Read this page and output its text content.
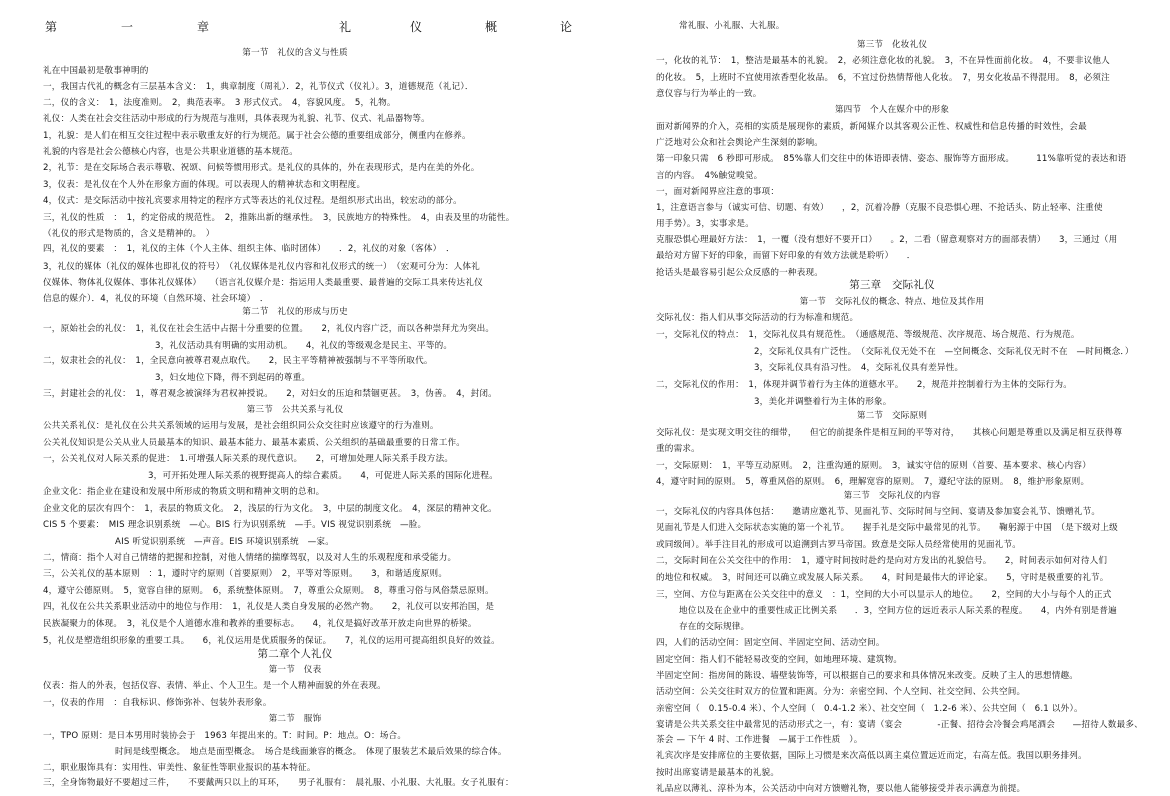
第	一	章	礼	仪	概	论
第一节　礼仪的含义与性质
礼在中国最初是敬事神明的
一，我国古代礼的概念有三层基本含义：　1，典章制度（周礼）．2，礼节仪式（仪礼）。3，道德规范（礼记）．
二，仪的含义：　1，法度准则。　2，典范表率。　3 形式仪式。　4，容貌风度。　5，礼物。
礼仪：人类在社会交往活动中形成的行为规范与准则，具体表现为礼貌、礼节、仪式、礼品器物等。
1，礼貌：是人们在相互交往过程中表示敬重友好的行为规范。属于社会公德的重要组成部分，侧重内在修养。
礼貌的内容是社会公德核心内容，也是公共职业道德的基本规范。
2，礼节：是在交际场合表示尊敬、祝颂、问候等惯用形式。是礼仪的具体的，外在表现形式，是内在美的外化。
3，仪表：是礼仪在个人外在形象方面的体现。可以表现人的精神状态和文明程度。
4，仪式：是交际活动中按礼宾要求用特定的程序方式等表达的礼仪过程。是组织形式出出，较宏动的部分。
三，礼仪的性质　：　1，约定俗成的规范性。　2，推陈出新的继承性。　3，民族地方的特殊性。　4，由表及里的功能性。
（礼仪的形式是物质的，含义是精神的。　）
四，礼仪的要素　：　1，礼仪的主体（个人主体、组织主体、临时团体）　　．2，礼仪的对象（客体）　．
3，礼仪的媒体（礼仪的媒体也即礼仪的符号）　（礼仪媒体是礼仪内容和礼仪形式的统一）　（宏观可分为：人体礼
仪媒体、物体礼仪媒体、事体礼仪媒体）　　（语言礼仪媒介是：指运用人类最重要、最普遍的交际工具来传达礼仪
信息的媒介）．4，礼仪的环境（自然环境、社会环境）　．
第二节　礼仪的形成与历史
一，原始社会的礼仪：　1，礼仪在社会生活中占据十分重要的位置。　　2，礼仪内容广泛，而以各种崇拜尤为突出。
3，礼仪活动具有明确的实用动机。　　4，礼仪的等级观念是民主、平等的。
二，奴隶社会的礼仪：　1，全民意向被尊君观点取代。　　2，民主平等精神被强制与不平等所取代。
3，妇女地位下降，得不到起码的尊重。
三，封建社会的礼仪：　1，尊君观念被演绎为君权神授说。　　2，对妇女的压迫和禁锢更甚。　3，伪善。　4，封闭。
第三节　公共关系与礼仪
公共关系礼仪：是礼仪在公共关系领域的运用与发展，是社会组织同公众交往时应该遵守的行为准则。
公关礼仪知识是公关从业人员最基本的知识、最基本能力、最基本素质、公关组织的基础最重要的日常工作。
一，公关礼仪对人际关系的促进：　1.可增强人际关系的现代意识。　　2，可增加处理人际关系手段方法。
3，可开拓处理人际关系的视野提高人的综合素质。　　4，可促进人际关系的国际化进程。
企业文化：指企业在建设和发展中所形成的物质文明和精神文明的总和。
企业文化的层次有四个：　1，表层的物质文化。　2，浅层的行为文化。　3，中层的制度文化。　4，深层的精神文化。
CIS 5 个要素：　MIS 理念识别系统　—心。BIS 行为识别系统　—手。VIS 视觉识别系统　—脸。
AIS 听觉识别系统　—声音。EIS 环境识别系统　—家。
二，情商：指个人对自己情绪的把握和控制，对他人情绪的揣摩驾驭，以及对人生的乐观程度和承受能力。
三，公关礼仪的基本原则　：1，遵时守约原则（首要原则）　2，平等对等原则。　　3，和谐适度原则。
4，遵守公德原则。　5，宽容自律的原则。　6，系统整体原则。　7，尊重公众原则。　8，尊重习俗与风俗禁忌原则。
四，礼仪在公共关系职业活动中的地位与作用：　1，礼仪是人类自身发展的必然产物。　　2，礼仪可以安邦治国，是
民族凝聚力的体现。　3，礼仪是个人道德水准和教养的重要标志。　　4，礼仪是搞好改革开放走向世界的桥梁。
5，礼仪是塑造组织形象的重要工具。　　6，礼仪运用是优质服务的保证。　　7，礼仪的运用可提高组织良好的效益。
第二章个人礼仪
第一节　仪表
仪表：指人的外表，包括仪容、表情、举止、个人卫生。是一个人精神面貌的外在表现。
一，仪表的作用　：自我标识、修饰弥补、包装外表形象。
第二节　服饰
一，TPO 原则：是日本男用时装协会于　1963 年提出来的。T：时间。P：地点。O：场合。
时间是线型概念。　地点是面型概念。　场合是线面兼容的概念。　体现了服装艺术最后效果的综合体。
二，职业服饰具有：实用性、审美性、象征性等职业报识的基本特征。
三，全身饰物最好不要超过三件，　　不要戴两只以上的耳环，　　男子礼服有：　晨礼服、小礼服、大礼服。女子礼服有：
常礼服、小礼服、大礼服。
第三节　化妆礼仪
一，化妆的礼节：　1，整洁是最基本的礼貌。　2，必须注意化妆的礼貌。　3，不在异性面前化妆。　4，不要非议他人
的化妆。　5，上班时不宜使用浓香型化妆品。　6，不宜过份热情帮他人化妆。　7，男女化妆品不得混用。　8，必须注
意仪容与行为举止的一致。
第四节　个人在媒介中的形象
面对新闻界的介入，亮相的实质是展现你的素质，新闻媒介以其客观公正性、权威性和信息传播的时效性，会最
广泛地对公众和社会舆论产生深刻的影响。
第一印象只需　6 秒即可形成。　85%靠人们交往中的体语即表情、姿态、服饰等方面形成。　　　11%靠听觉的表达和语
言的内容。　4%触觉嗅觉。
一，面对新闻界应注意的事项：
1，注意语言参与（诚实可信、切题、有效）　　，2，沉着冷静（克服不良恐惧心理、不抢话头、防止轻率、注重使
用手势）。3，实事求是。
克服恐惧心理最好方法：　1，一覆（没有想好不要开口）　　。2，二看（留意观察对方的面部表情）　　3，三通过（用
最给对方留下好的印象，而留下好印象的有效方法就是聆听）　　．
抢话头是最容易引起公众反感的一种表现。
第三章　交际礼仪
第一节　交际礼仪的概念、特点、地位及其作用
交际礼仪：指人们从事交际活动的行为标准和规范。
一，交际礼仪的特点：　1，交际礼仪具有规范性。　（通感规范、等级规范、次序规范、场合规范、行为规范。
2，交际礼仪具有广泛性。　（交际礼仪无处不在　—空间概念、交际礼仪无时不在　—时间概念．）
3，交际礼仪具有沿习性。　4，交际礼仪具有差异性。
二，交际礼仪的作用：　1，体现并调节着行为主体的道德水平。　　2，规范并控制着行为主体的交际行为。
3，美化并调整着行为主体的形象。
第二节　交际原则
交际礼仪：是实现文明交往的细带，　　但它的前提条件是相互间的平等对待，　　其核心问题是尊重以及满足相互获得尊
重的需求。
一，交际原则：　1，平等互动原则。　2，注重沟通的原则。　3，诚实守信的原则（首要、基本要求、核心内容）
4，遵守时间的原则。　5，尊重风俗的原则。　6，理解宽容的原则。　7，遵纪守法的原则。　8，维护形象原则。
第三节　交际礼仪的内容
一，交际礼仪的内容具体包括：　　邀请应邀礼节、见面礼节、交际时间与空间、宴请及参加宴会礼节、馈赠礼节。
见面礼节是人们进入交际状态实施的第一个礼节。　　握手礼是交际中最常见的礼节。　　鞠躬源于中国　（是下级对上级
或同级间）。举手注目礼的形成可以追溯到古罗马帝国。致意是交际人员经常使用的见面礼节。
二，交际时间在公关交往中的作用：　1，遵守时间按时赴约是向对方发出的礼貌信号。　　2，时间表示如何对待人们
的地位和权威。　3，时间还可以确立或发展人际关系。　　4，时间是最伟大的评论家。　　5，守时是极重要的礼节。
三，空间、方位与距离在公关交往中的意义　：1，空间的大小可以显示人的地位。　　2，空间的大小与每个人的正式
地位以及在企业中的重要性成正比例关系　　．3，空间方位的远近表示人际关系的程度。　　4，内外有别是普遍
存在的交际规律。
四，人们的活动空间：固定空间、半固定空间、活动空间。
固定空间：指人们不能轻易改变的空间，如地理环境、建筑物。
半固定空间：指房间的陈设、墙壁装饰等，可以根据自己的要求和具体情况来改变。反映了主人的思想情趣。
活动空间：公关交往时双方的位置和距离。分为：亲密空间、个人空间、社交空间、公共空间。
亲密空间（　0.15-0.4 米）、个人空间（　0.4-1.2 米）、社交空间（　1.2-6 米）、公共空间（　6.1 以外）。
宴请是公共关系交往中最常见的活动形式之一，有：宴请（宴会　　　　-正餐、招待会冷餐会鸡尾酒会　　—招待人数最多、
茶会 — 下午 4 时、工作进餐　—属于工作性质　）。
礼宾次序是安排席位的主要依据，国际上习惯是来次高低以离主桌位置远近而定，右高左低。我国以职务排列。
按时出席宴请是最基本的礼貌。
礼品应以薄礼、淳朴为本，公关活动中向对方馈赠礼物，要以他人能够接受并表示满意为前提。
